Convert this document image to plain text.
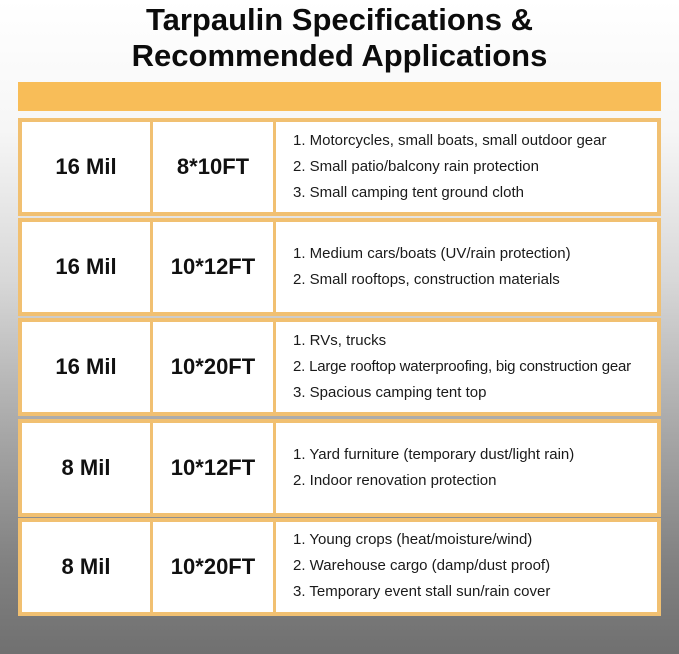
Tarpaulin Specifications &
Recommended Applications
16 Mil	8*10FT
1. Motorcycles, small boats, small outdoor gear
2. Small patio/balcony rain protection
3. Small camping tent ground cloth
16 Mil	10*12FT
1. Medium cars/boats (UV/rain protection)
2. Small rooftops, construction materials
16 Mil	10*20FT
1. RVs, trucks
2. Large rooftop waterproofing, big construction gear
3. Spacious camping tent top
8 Mil	10*12FT
1. Yard furniture (temporary dust/light rain)
2. Indoor renovation protection
8 Mil	10*20FT
1. Young crops (heat/moisture/wind)
2. Warehouse cargo (damp/dust proof)
3. Temporary event stall sun/rain cover
